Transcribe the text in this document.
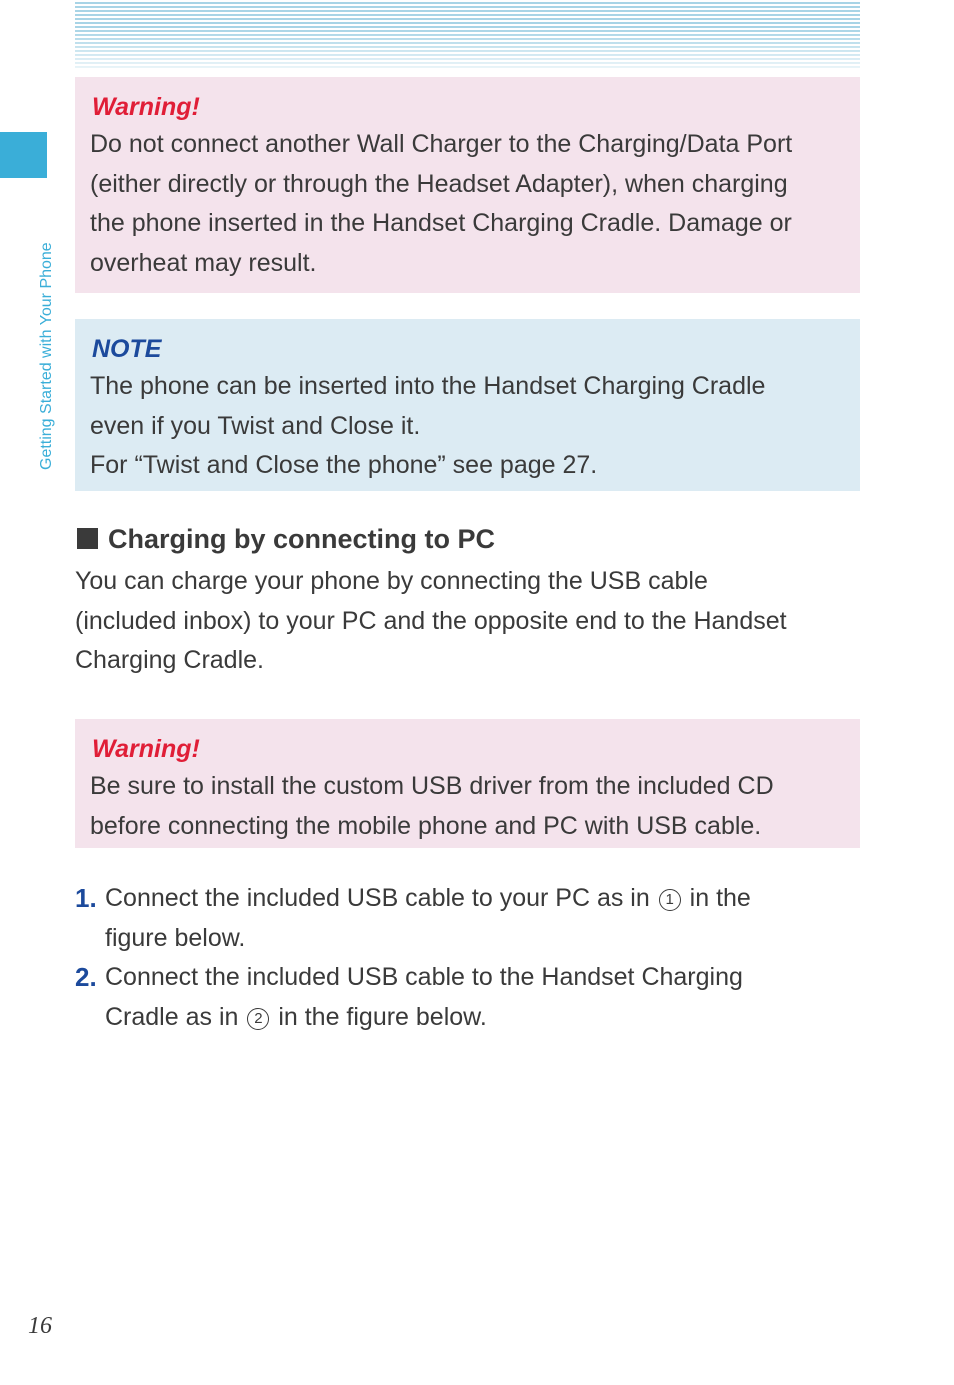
Getting Started with Your Phone
Warning!
Do not connect another Wall Charger to the Charging/Data Port
(either directly or through the Headset Adapter), when charging
the phone inserted in the Handset Charging Cradle. Damage or
overheat may result.
NOTE
The phone can be inserted into the Handset Charging Cradle
even if you Twist and Close it.
For “Twist and Close the phone” see page 27.
Charging by connecting to PC
You can charge your phone by connecting the USB cable
(included inbox) to your PC and the opposite end to the Handset
Charging Cradle.
Warning!
Be sure to install the custom USB driver from the included CD
before connecting the mobile phone and PC with USB cable.
1. Connect the included USB cable to your PC as in 1 in the
figure below.
2. Connect the included USB cable to the Handset Charging
Cradle as in 2 in the figure below.
16
